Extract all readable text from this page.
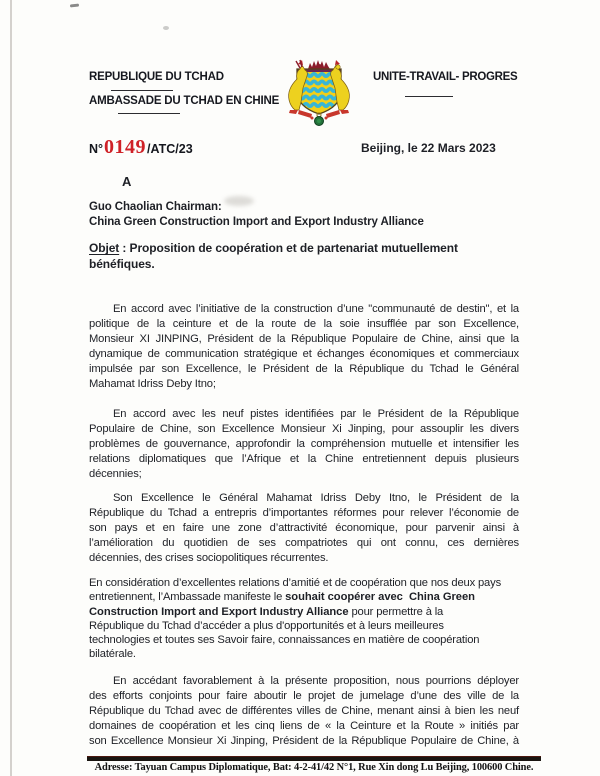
REPUBLIQUE DU TCHAD
AMBASSADE DU TCHAD EN CHINE
UNITE-TRAVAIL- PROGRES
N° 0149 /ATC/23	Beijing, le 22 Mars 2023
A
Guo Chaolian Chairman:
China Green Construction Import and Export Industry Alliance
Objet : Proposition de coopération et de partenariat mutuellement
bénéfiques.
En accord avec l’initiative de la construction d’une "communauté de destin", et la
politique de la ceinture et de la route de la soie insufflée par son Excellence,
Monsieur XI JINPING, Président de la République Populaire de Chine, ainsi que la
dynamique de communication stratégique et échanges économiques et commerciaux
impulsée par son Excellence, le Président de la République du Tchad le Général
Mahamat Idriss Deby Itno;
En accord avec les neuf pistes identifiées par le Président de la République
Populaire de Chine, son Excellence Monsieur Xi Jinping, pour assouplir les divers
problèmes de gouvernance, approfondir la compréhension mutuelle et intensifier les
relations diplomatiques que l’Afrique et la Chine entretiennent depuis plusieurs
décennies;
Son Excellence le Général Mahamat Idriss Deby Itno, le Président de la
République du Tchad a entrepris d’importantes réformes pour relever l’économie de
son pays et en faire une zone d’attractivité économique, pour parvenir ainsi à
l’amélioration du quotidien de ses compatriotes qui ont connu, ces dernières
décennies, des crises sociopolitiques récurrentes.
En considération d’excellentes relations d’amitié et de coopération que nos deux pays
entretiennent, l’Ambassade manifeste le souhait coopérer avec  China Green
Construction Import and Export Industry Alliance pour permettre à la
République du Tchad d’accéder a plus d'opportunités et à leurs meilleures
technologies et toutes ses Savoir faire, connaissances en matière de coopération
bilatérale.
En accédant favorablement à la présente proposition, nous pourrions déployer
des efforts conjoints pour faire aboutir le projet de jumelage d’une des ville de la
République du Tchad avec de différentes villes de Chine, menant ainsi à bien les neuf
domaines de coopération et les cinq liens de « la Ceinture et la Route » initiés par
son Excellence Monsieur Xi Jinping, Président de la République Populaire de Chine, à
Adresse: Tayuan Campus Diplomatique, Bat: 4-2-41/42 N°1, Rue Xin dong Lu Beijing, 100600 Chine.
